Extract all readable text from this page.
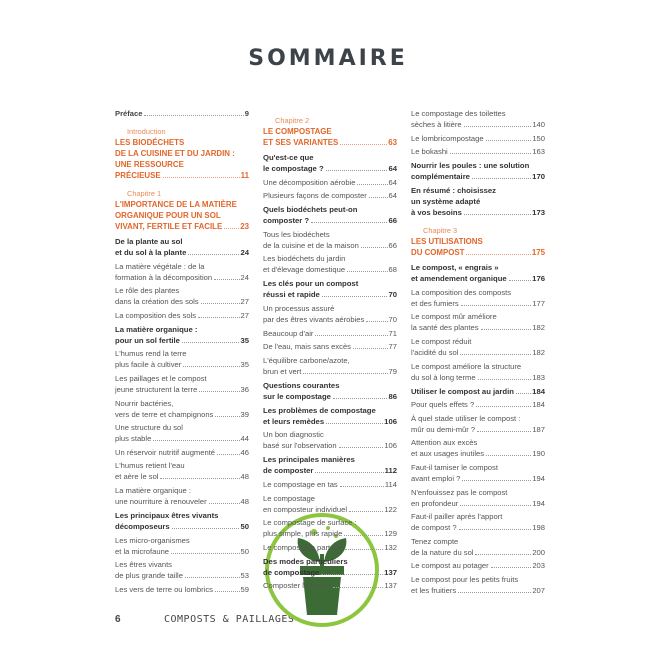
SOMMAIRE
Préface	9
Introduction
LES BIODÉCHETS
DE LA CUISINE ET DU JARDIN :
UNE RESSOURCE
PRÉCIEUSE	11
Chapitre 1
L'IMPORTANCE DE LA MATIÈRE
ORGANIQUE POUR UN SOL
VIVANT, FERTILE ET FACILE 23
De la plante au sol
et du sol à la plante	24
La matière végétale : de la
formation à la décomposition	24
Le rôle des plantes
dans la création des sols	27
La composition des sols	27
La matière organique :
pour un sol fertile	35
L'humus rend la terre
plus facile à cultiver	35
Les paillages et le compost
jeune structurent la terre	36
Nourrir bactéries,
vers de terre et champignons	39
Une structure du sol
plus stable	44
Un réservoir nutritif augmenté	46
L'humus retient l'eau
et aère le sol	48
La matière organique :
une nourriture à renouveler	48
Les principaux êtres vivants
décomposeurs	50
Les micro-organismes
et la microfaune	50
Les êtres vivants
de plus grande taille	53
Les vers de terre ou lombrics	59
Chapitre 2
LE COMPOSTAGE
ET SES VARIANTES	63
Qu'est-ce que
le compostage ?	64
Une décomposition aérobie	64
Plusieurs façons de composter	64
Quels biodéchets peut-on
composter ?	66
Tous les biodéchets
de la cuisine et de la maison	66
Les biodéchets du jardin
et d'élevage domestique	68
Les clés pour un compost
réussi et rapide	70
Un processus assuré
par des êtres vivants aérobies	70
Beaucoup d'air	71
De l'eau, mais sans excès	77
L'équilibre carbone/azote,
brun et vert	79
Questions courantes
sur le compostage	86
Les problèmes de compostage
et leurs remèdes	106
Un bon diagnostic
basé sur l'observation	106
Les principales manières
de composter	112
Le compostage en tas	114
Le compostage
en composteur individuel	122
Le compostage de surface :
plus simple, plus rapide	129
Le compostage partagé	132
Des modes particuliers
de compostage	137
Composter le fumier	137
Le compostage des toilettes
sèches à litière	140
Le lombricompostage	150
Le bokashi	163
Nourrir les poules : une solution
complémentaire	170
En résumé : choisissez
un système adapté
à vos besoins	173
Chapitre 3
LES UTILISATIONS
DU COMPOST	175
Le compost, « engrais »
et amendement organique	176
La composition des composts
et des fumiers	177
Le compost mûr améliore
la santé des plantes	182
Le compost réduit
l'acidité du sol	182
Le compost améliore la structure
du sol à long terme	183
Utiliser le compost au jardin 184
Pour quels effets ?	184
À quel stade utiliser le compost :
mûr ou demi-mûr ?	187
Attention aux excès
et aux usages inutiles	190
Faut-il tamiser le compost
avant emploi ?	194
N'enfouissez pas le compost
en profondeur	194
Faut-il pailler après l'apport
de compost ?	198
Tenez compte
de la nature du sol	200
Le compost au potager	203
Le compost pour les petits fruits
et les fruitiers	207
6	COMPOSTS & PAILLAGES
